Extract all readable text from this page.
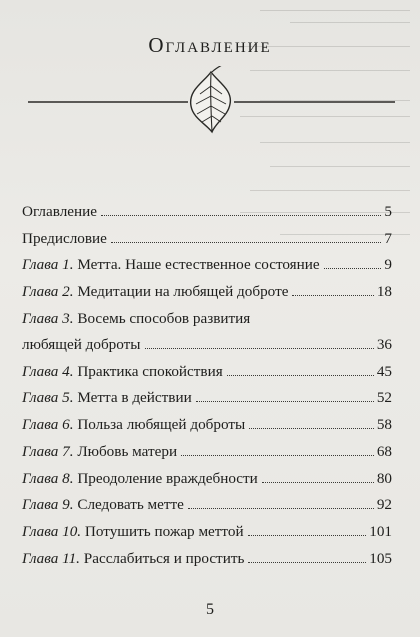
Оглавление
Оглавление	5
Предисловие	7
Глава 1. Метта. Наше естественное состояние	9
Глава 2. Медитации на любящей доброте	18
Глава 3. Восемь способов развития
любящей доброты	36
Глава 4. Практика спокойствия	45
Глава 5. Метта в действии	52
Глава 6. Польза любящей доброты	58
Глава 7. Любовь матери	68
Глава 8. Преодоление враждебности	80
Глава 9. Следовать метте	92
Глава 10. Потушить пожар меттой	101
Глава 11. Расслабиться и простить	105
5
